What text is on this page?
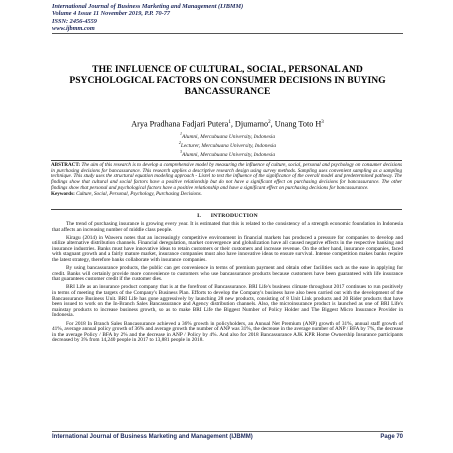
International Journal of Business Marketing and Management (IJBMM)
Volume 4 Issue 11 November 2019, P.P. 70-77
ISSN: 2456-4559
www.ijbmm.com
THE INFLUENCE OF CULTURAL, SOCIAL, PERSONAL AND PSYCHOLOGICAL FACTORS ON CONSUMER DECISIONS IN BUYING BANCASSURANCE
Arya Pradhana Fadjari Putera$^1$, Djumarno$^2$, Unang Toto $H^3$
$^1$Alumni, Mercubuana University, Indonesia
$^2$Lecturer, Mercubuana University, Indonesia
$^3$Alumni, Mercubuana University, Indonesia

ABSTRACT: The aim of this research is to develop a comprehensive model by measuring the influence of culture, social, personal and psychology on consumer decisions in purchasing decisions for bancassurance. This research applies a descriptive research design using survey methods. Sampling uses convenient sampling as a sampling technique. This study uses the structural equation modeling approach - Lisrel to test the influence of the significance of the overall model and predetermined pathway. The findings show that cultural and social factors have a positive relationship but do not have a significant effect on purchasing decisions for bancassurance. The other findings show that personal and psychological factors have a positive relationship and have a significant effect on purchasing decisions for bancassurance.

Keywords: Culture, Social, Personal, Psychology, Purchasing Decisions.

I. INTRODUCTION

The trend of purchasing insurance is growing every year. It is estimated that this is related to the consistency of a strength economic foundation in Indonesia that affects an increasing number of middle class people.

Kiragu (2014) in Waweru notes that an increasingly competitive environment in financial markets has produced a pressure for companies to develop and utilize alternative distribution channels. Financial deregulation, market convergence and globalization have all caused negative effects in the respective banking and insurance industries. Banks must have innovative ideas to retain customers or their customers and increase revenue. On the other hand, insurance companies, faced with stagnant growth and a fairly mature market, insurance companies must also have innovative ideas to ensure survival. Intense competition makes banks require the latest strategy, therefore banks collaborate with insurance companies.

By using bancassurance products, the public can get convenience in terms of premium payment and obtain other facilities such as the ease in applying for credit. Banks will certainly provide more convenience to customers who use bancassurance products because customers have been guaranteed with life insurance that guarantees customer credit if the customer dies.

BRI Life as an insurance product company that is at the forefront of Bancassurance. BRI Life's business climate throughout 2017 continues to run positively in terms of meeting the targets of the Company's Business Plan. Efforts to develop the Company's business have also been carried out with the development of the Bancassurance Business Unit. BRI Life has gone aggressively by launching 28 new products, consisting of 8 Unit Link products and 20 Rider products that have been issued to work on the In-Branch Sales Bancassurance and Agency distribution channels. Also, the microinsurance product is launched as one of BRI Life's mainstay products to increase business growth, so as to make BRI Life the Biggest Number of Policy Holder and The Biggest Micro Insurance Provider in Indonesia.

For 2018 In Branch Sales Bancassurance achieved a 36% growth in policyholders, an Annual Net Premium (ANP) growth of 31%, annual staff growth of 41%, average annual policy growth of 36% and average growth the number of ANP was 31%, the decrease in the average number of ANP / BFA by 7%, the decrease in the average Policy / BFA by 2% and the decrease in ANP / Policy by 4%. And also for 2018 Bancassurance AJK KPR Home Ownership Insurance participants decreased by 3% from 14,240 people in 2017 to 13,881 people in 2018.

International Journal of Business Marketing and Management (IJBMM)	Page 70
